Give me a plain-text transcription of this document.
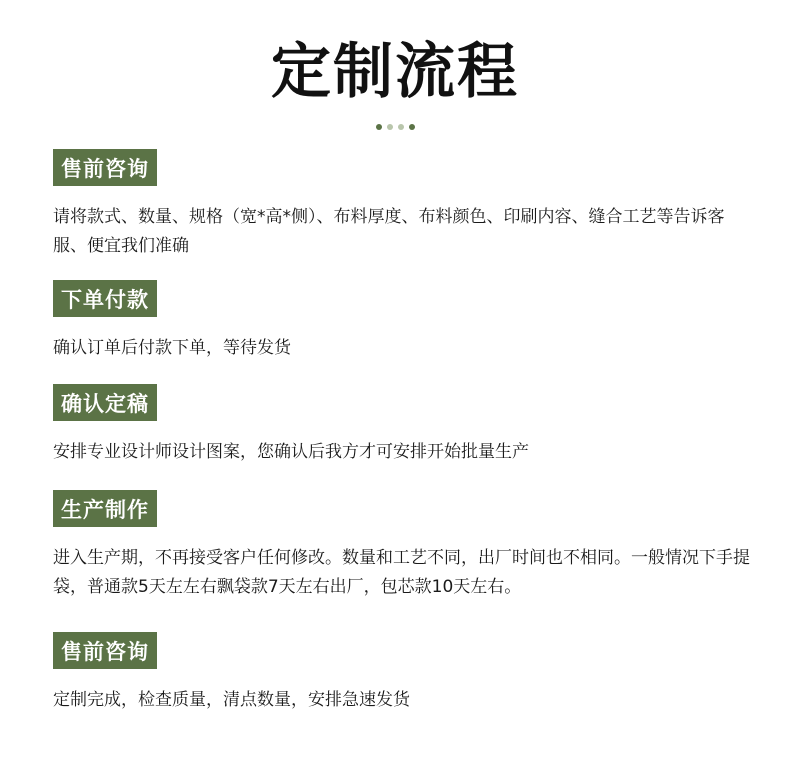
定制流程
售前咨询

请将款式、数量、规格（宽*高*侧）、布料厚度、布料颜色、印刷内容、缝合工艺等告诉客服、便宜我们准确

下单付款

确认订单后付款下单，等待发货

确认定稿

安排专业设计师设计图案，您确认后我方才可安排开始批量生产

生产制作

进入生产期，不再接受客户任何修改。数量和工艺不同，出厂时间也不相同。一般情况下手提袋，普通款5天左左右飘袋款7天左右出厂，包芯款10天左右。

售前咨询

定制完成，检查质量，清点数量，安排急速发货
